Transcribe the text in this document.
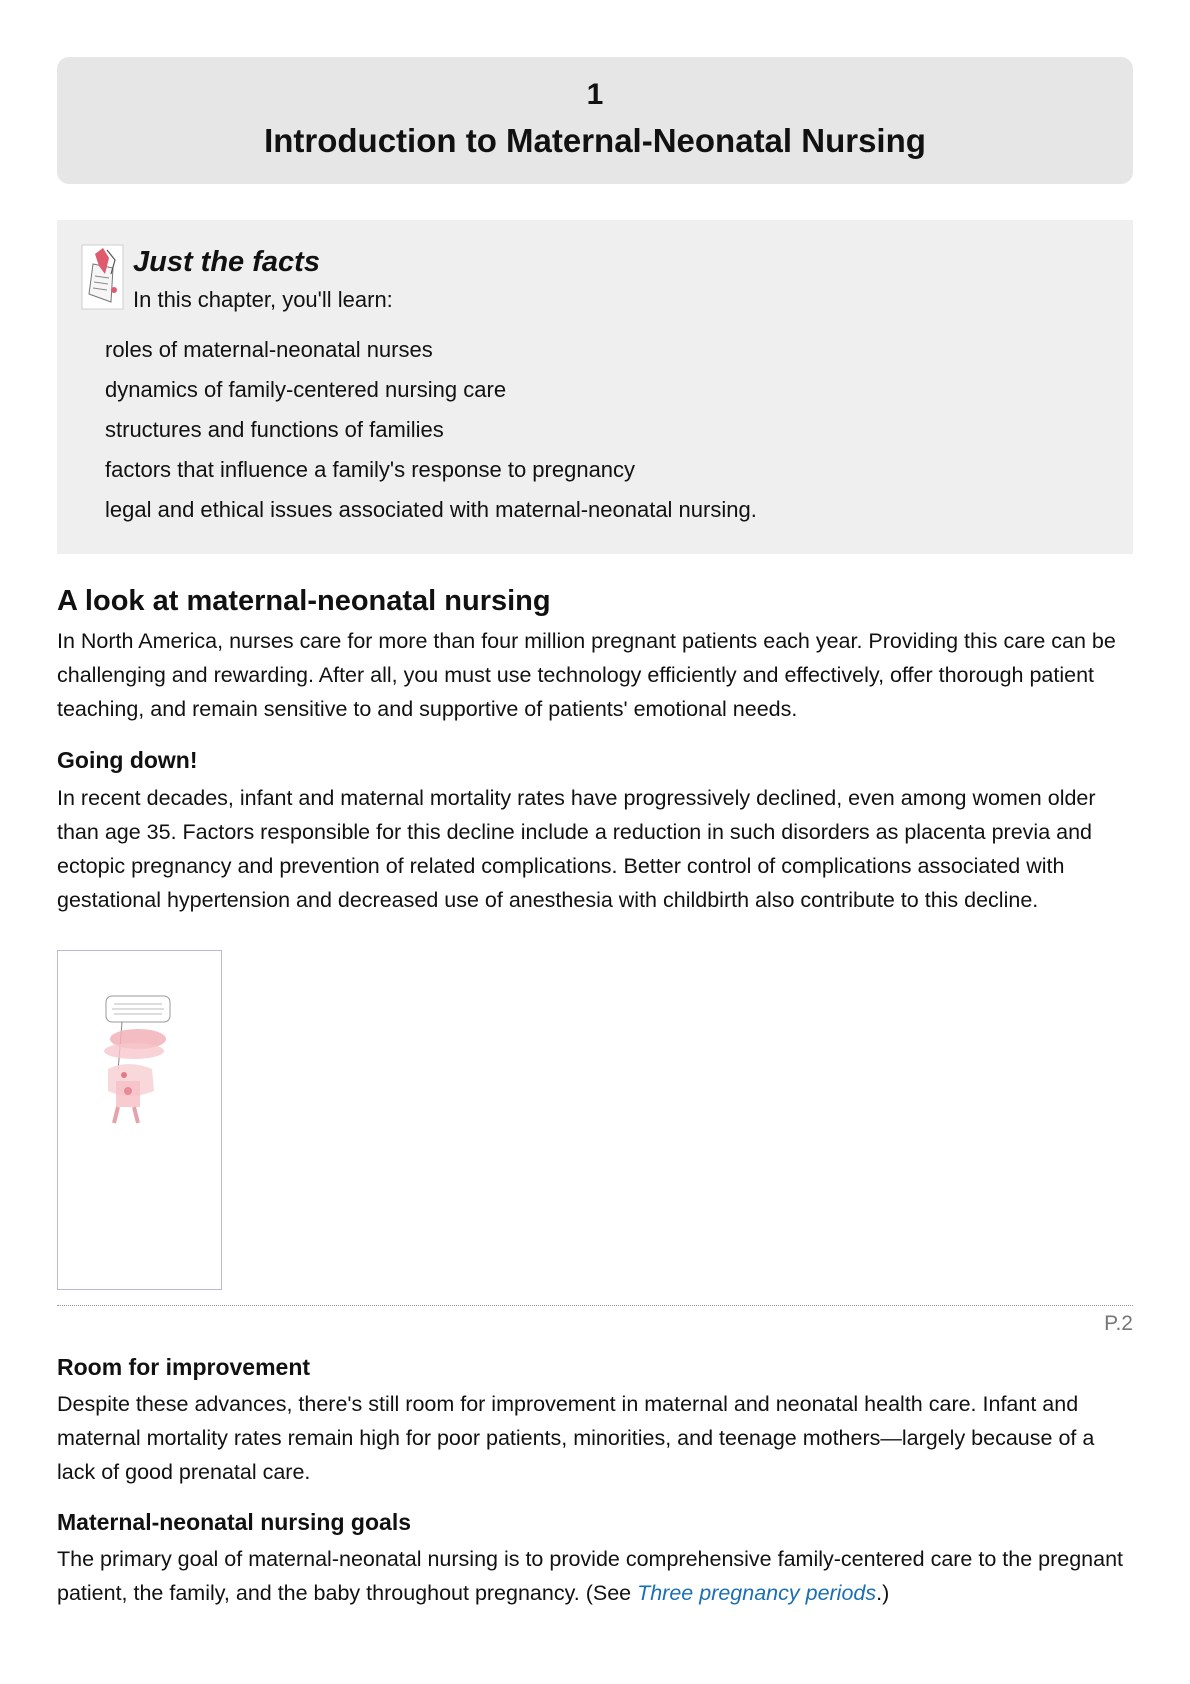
1
Introduction to Maternal-Neonatal Nursing
Just the facts
In this chapter, you'll learn:
roles of maternal-neonatal nurses
dynamics of family-centered nursing care
structures and functions of families
factors that influence a family's response to pregnancy
legal and ethical issues associated with maternal-neonatal nursing.
A look at maternal-neonatal nursing

In North America, nurses care for more than four million pregnant patients each year. Providing this care can be challenging and rewarding. After all, you must use technology efficiently and effectively, offer thorough patient teaching, and remain sensitive to and supportive of patients' emotional needs.

Going down!

In recent decades, infant and maternal mortality rates have progressively declined, even among women older than age 35. Factors responsible for this decline include a reduction in such disorders as placenta previa and ectopic pregnancy and prevention of related complications. Better control of complications associated with gestational hypertension and decreased use of anesthesia with childbirth also contribute to this decline.

P.2
Room for improvement

Despite these advances, there's still room for improvement in maternal and neonatal health care. Infant and maternal mortality rates remain high for poor patients, minorities, and teenage mothers—largely because of a lack of good prenatal care.

Maternal-neonatal nursing goals

The primary goal of maternal-neonatal nursing is to provide comprehensive family-centered care to the pregnant patient, the family, and the baby throughout pregnancy. (See Three pregnancy periods.)
